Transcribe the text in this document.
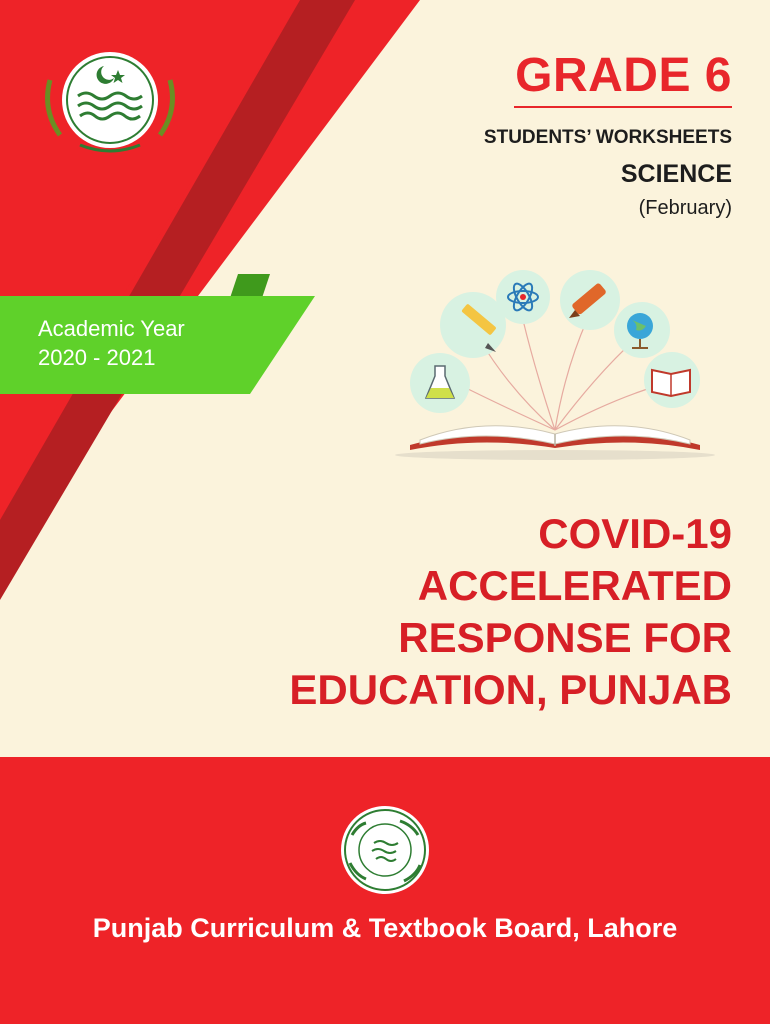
GRADE 6

STUDENTS’ WORKSHEETS

SCIENCE

(February)

Academic Year
2020 - 2021
COVID-19
ACCELERATED
RESPONSE FOR
EDUCATION, PUNJAB

Punjab Curriculum & Textbook Board, Lahore
